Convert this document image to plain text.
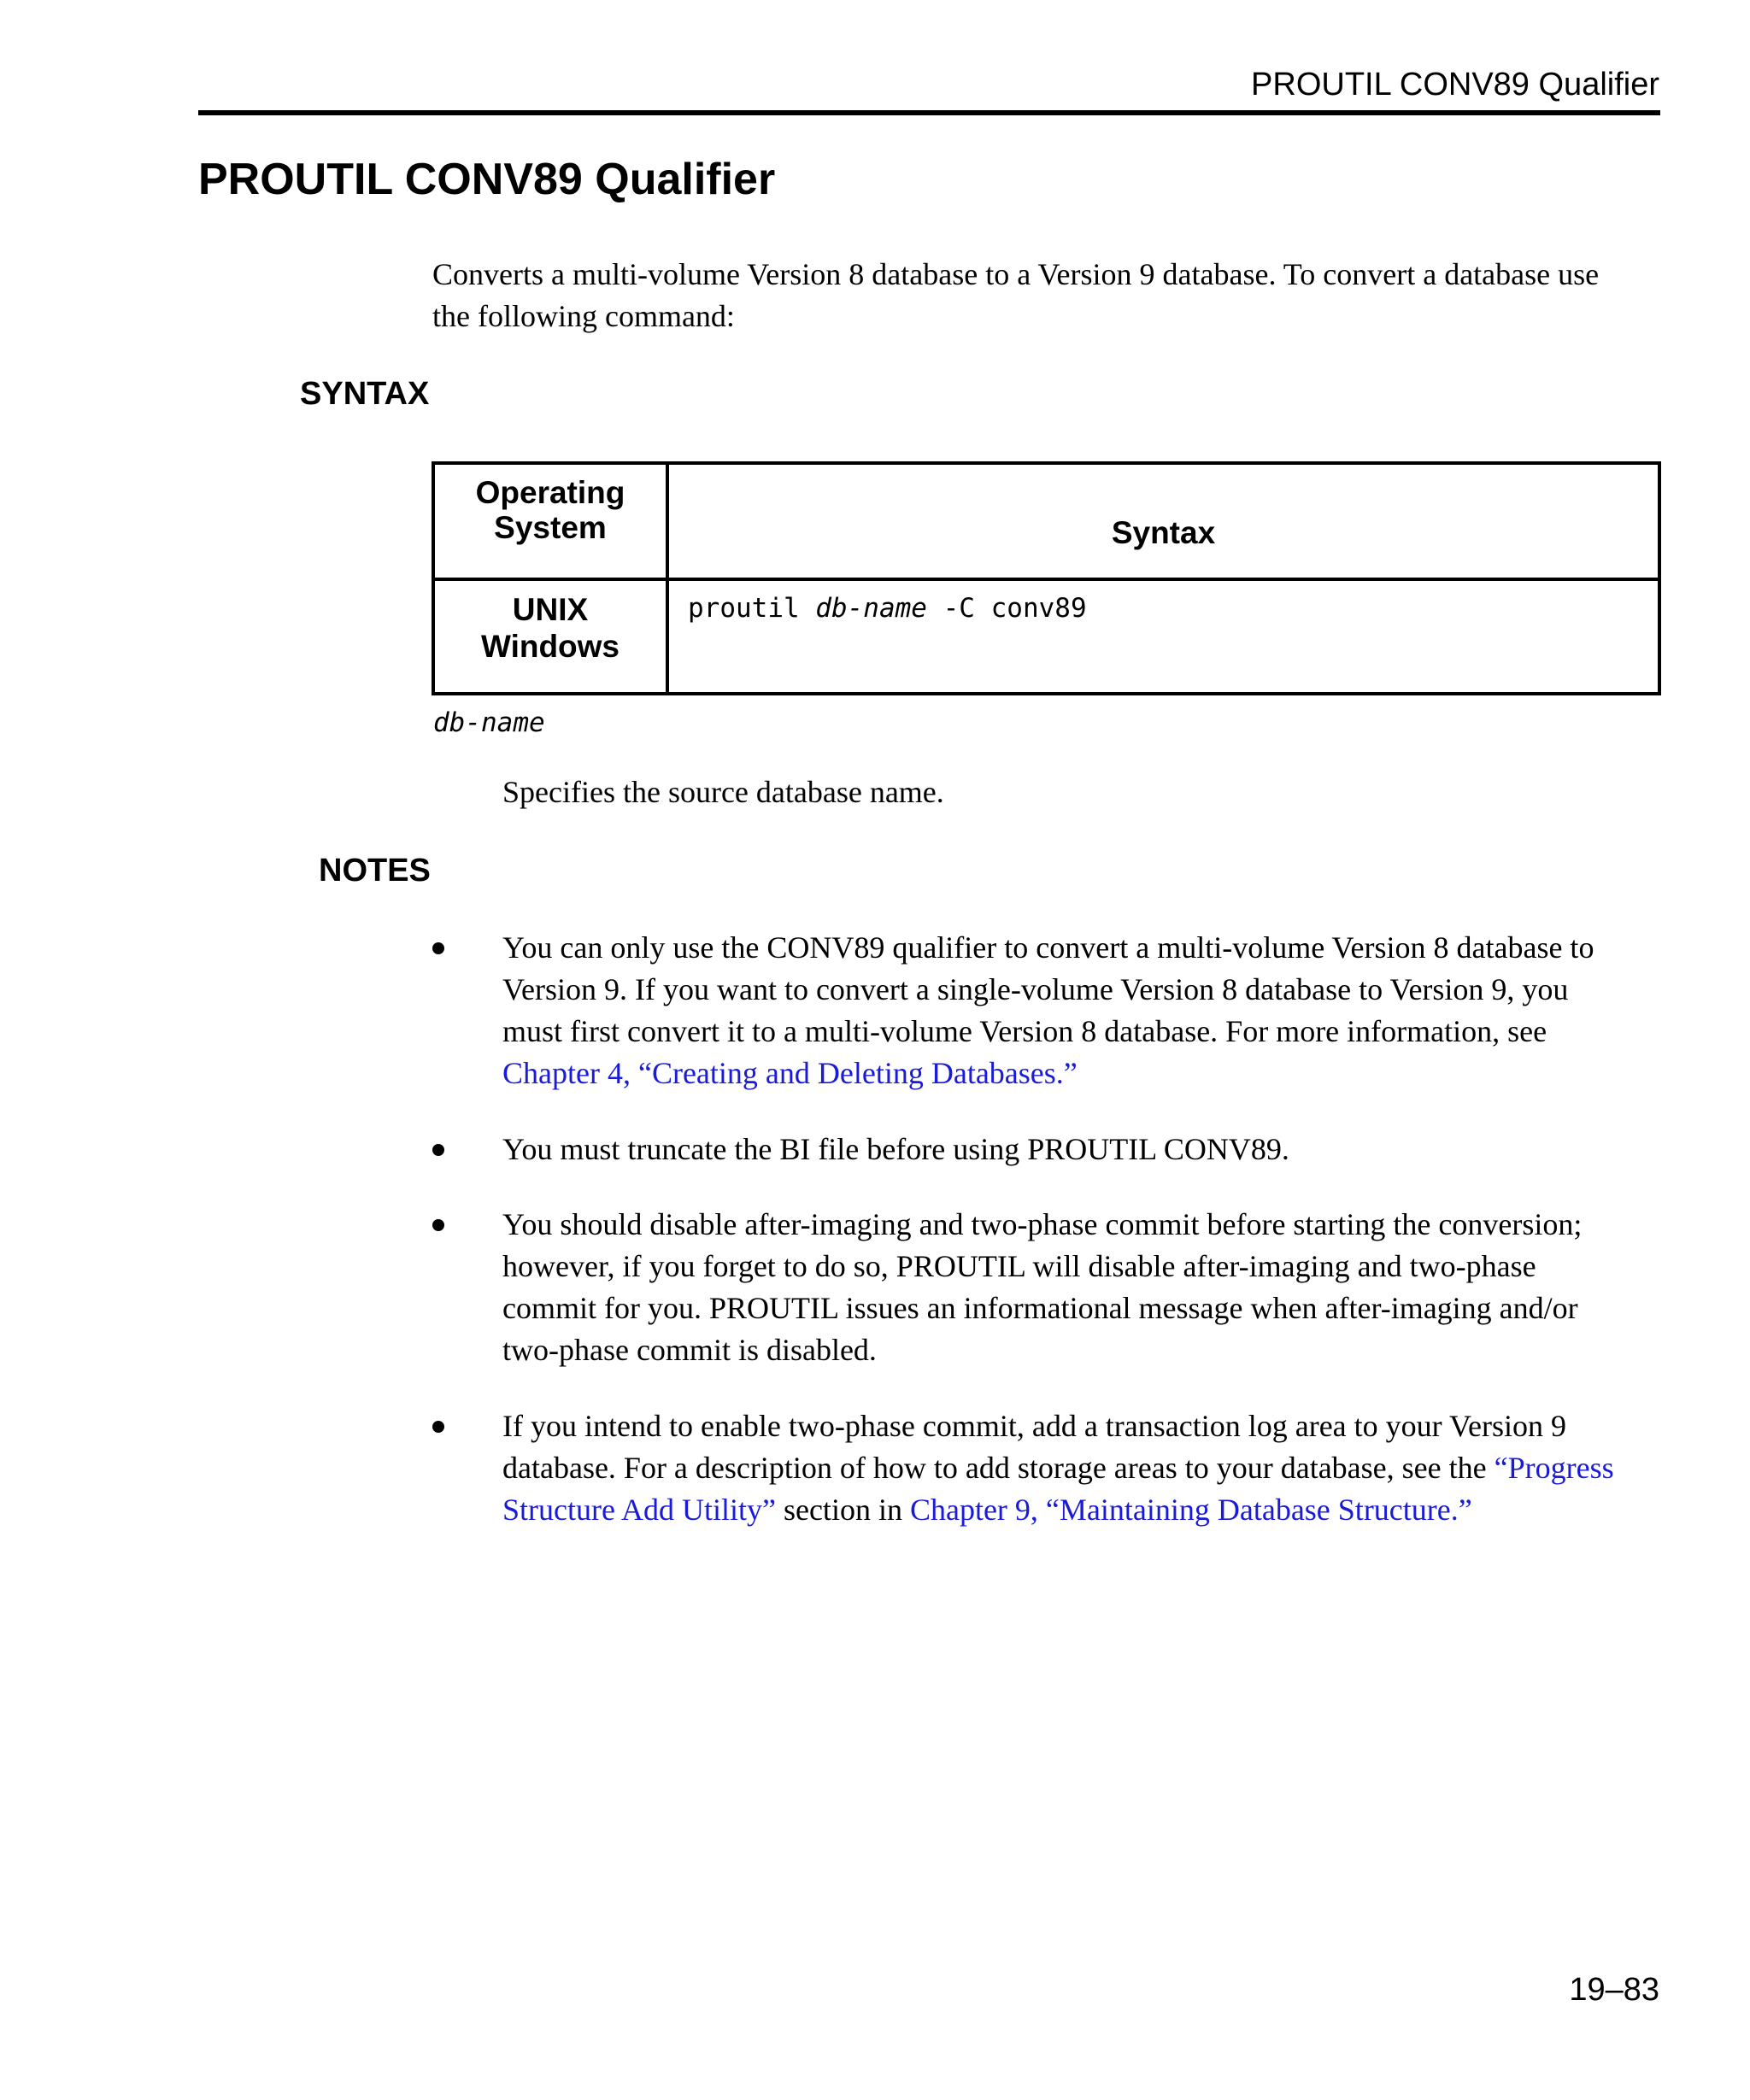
PROUTIL CONV89 Qualifier
PROUTIL CONV89 Qualifier

Converts a multi-volume Version 8 database to a Version 9 database. To convert a database use
the following command:

SYNTAX
Operating
System	Syntax
UNIX
Windows	proutil db-name -C conv89

db-name

Specifies the source database name.

NOTES

You can only use the CONV89 qualifier to convert a multi-volume Version 8 database to
Version 9. If you want to convert a single-volume Version 8 database to Version 9, you
must first convert it to a multi-volume Version 8 database. For more information, see
Chapter 4, “Creating and Deleting Databases.”

You must truncate the BI file before using PROUTIL CONV89.

You should disable after-imaging and two-phase commit before starting the conversion;
however, if you forget to do so, PROUTIL will disable after-imaging and two-phase
commit for you. PROUTIL issues an informational message when after-imaging and/or
two-phase commit is disabled.

If you intend to enable two-phase commit, add a transaction log area to your Version 9
database. For a description of how to add storage areas to your database, see the “Progress
Structure Add Utility” section in Chapter 9, “Maintaining Database Structure.”

19–83
